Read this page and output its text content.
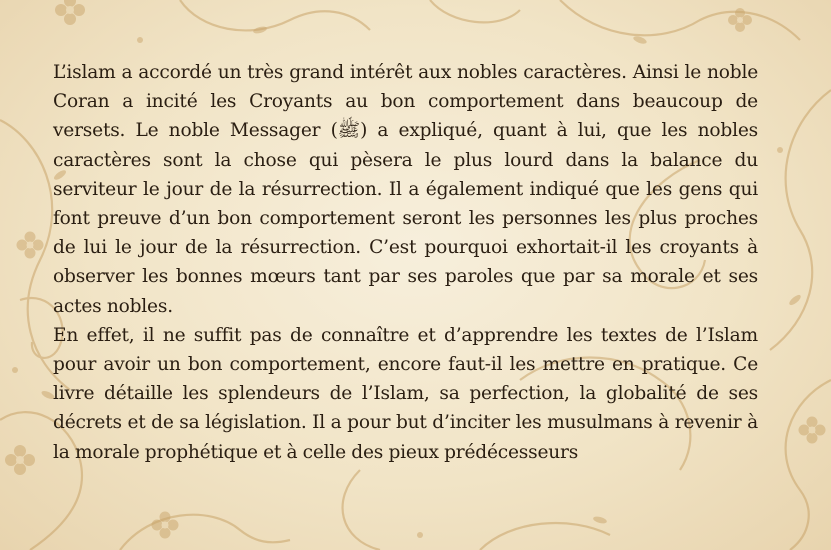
L’islam a accordé un très grand intérêt aux nobles caractères. Ainsi le noble Coran a incité les Croyants au bon comportement dans beaucoup de versets. Le noble Messager (ﷺ) a expliqué, quant à lui, que les nobles caractères sont la chose qui pèsera le plus lourd dans la balance du serviteur le jour de la résurrection. Il a également indiqué que les gens qui font preuve d’un bon comportement seront les personnes les plus proches de lui le jour de la résurrection. C’est pourquoi exhortait-il les croyants à observer les bonnes mœurs tant par ses paroles que par sa morale et ses actes nobles.

En effet, il ne suffit pas de connaître et d’apprendre les textes de l’Islam pour avoir un bon comportement, encore faut-il les mettre en pratique. Ce livre détaille les splendeurs de l’Islam, sa perfection, la globalité de ses décrets et de sa législation. Il a pour but d’inciter les musulmans à revenir à la morale prophétique et à celle des pieux prédécesseurs
